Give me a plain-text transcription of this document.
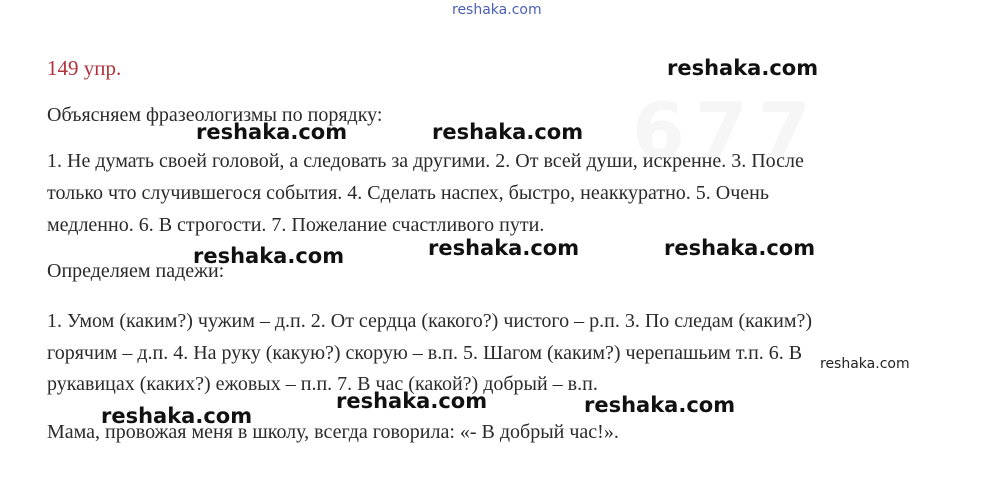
reshaka.com
677
149 упр.

Объясняем фразеологизмы по порядку:

1. Не думать своей головой, а следовать за другими. 2. От всей души, искренне. 3. После

только что случившегося события. 4. Сделать наспех, быстро, неаккуратно. 5. Очень

медленно. 6. В строгости. 7. Пожелание счастливого пути.

Определяем падежи:

1. Умом (каким?) чужим – д.п. 2. От сердца (какого?) чистого – р.п. 3. По следам (каким?)

горячим – д.п. 4. На руку (какую?) скорую – в.п. 5. Шагом (каким?) черепашьим т.п. 6. В

рукавицах (каких?) ежовых – п.п. 7. В час (какой?) добрый – в.п.

Мама, провожая меня в школу, всегда говорила: «- В добрый час!».

reshaka.com
reshaka.com	reshaka.com
reshaka.com	reshaka.com	reshaka.com
reshaka.com
reshaka.com	reshaka.com
reshaka.com
